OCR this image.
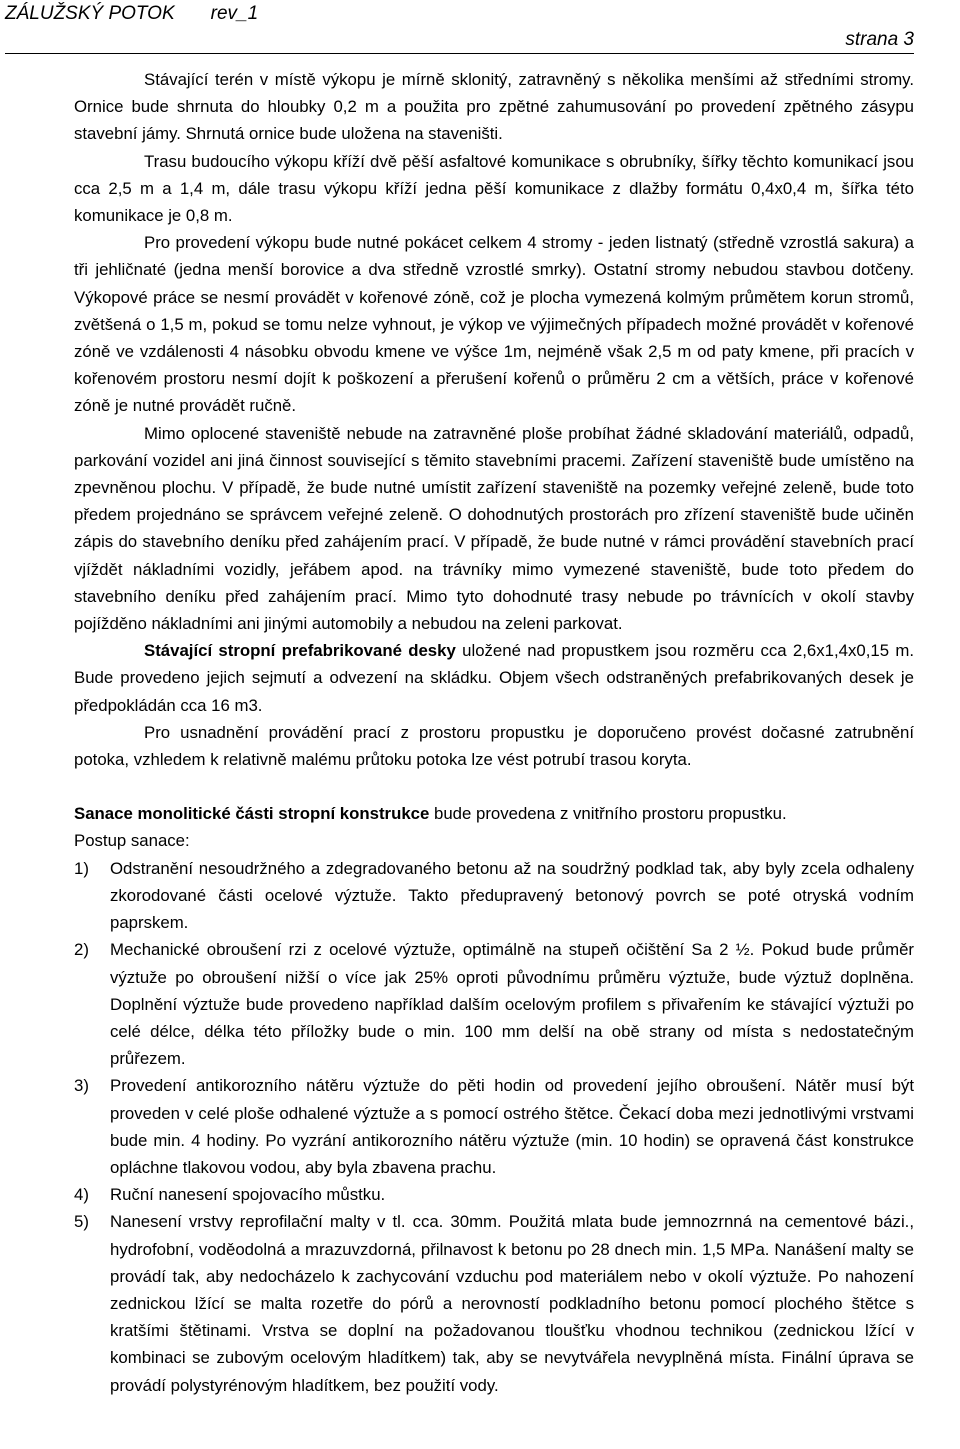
ZÁLUŽSKÝ POTOK rev_1
strana 3

Stávající terén v místě výkopu je mírně sklonitý, zatravněný s několika menšími až středními stromy. Ornice bude shrnuta do hloubky 0,2 m a použita pro zpětné zahumusování po provedení zpětného zásypu stavební jámy. Shrnutá ornice bude uložena na staveništi.

Trasu budoucího výkopu kříží dvě pěší asfaltové komunikace s obrubníky, šířky těchto komunikací jsou cca 2,5 m a 1,4 m, dále trasu výkopu kříží jedna pěší komunikace z dlažby formátu 0,4x0,4 m, šířka této komunikace je 0,8 m.

Pro provedení výkopu bude nutné pokácet celkem 4 stromy - jeden listnatý (středně vzrostlá sakura) a tři jehličnaté (jedna menší borovice a dva středně vzrostlé smrky). Ostatní stromy nebudou stavbou dotčeny. Výkopové práce se nesmí provádět v kořenové zóně, což je plocha vymezená kolmým průmětem korun stromů, zvětšená o 1,5 m, pokud se tomu nelze vyhnout, je výkop ve výjimečných případech možné provádět v kořenové zóně ve vzdálenosti 4 násobku obvodu kmene ve výšce 1m, nejméně však 2,5 m od paty kmene, při pracích v kořenovém prostoru nesmí dojít k poškození a přerušení kořenů o průměru 2 cm a větších, práce v kořenové zóně je nutné provádět ručně.

Mimo oplocené staveniště nebude na zatravněné ploše probíhat žádné skladování materiálů, odpadů, parkování vozidel ani jiná činnost související s těmito stavebními pracemi. Zařízení staveniště bude umístěno na zpevněnou plochu. V případě, že bude nutné umístit zařízení staveniště na pozemky veřejné zeleně, bude toto předem projednáno se správcem veřejné zeleně. O dohodnutých prostorách pro zřízení staveniště bude učiněn zápis do stavebního deníku před zahájením prací. V případě, že bude nutné v rámci provádění stavebních prací vjíždět nákladními vozidly, jeřábem apod. na trávníky mimo vymezené staveniště, bude toto předem do stavebního deníku před zahájením prací. Mimo tyto dohodnuté trasy nebude po trávnících v okolí stavby pojížděno nákladními ani jinými automobily a nebudou na zeleni parkovat.

Stávající stropní prefabrikované desky uložené nad propustkem jsou rozměru cca 2,6x1,4x0,15 m. Bude provedeno jejich sejmutí a odvezení na skládku. Objem všech odstraněných prefabrikovaných desek je předpokládán cca 16 m3.

Pro usnadnění provádění prací z prostoru propustku je doporučeno provést dočasné zatrubnění potoka, vzhledem k relativně malému průtoku potoka lze vést potrubí trasou koryta.

Sanace monolitické části stropní konstrukce bude provedena z vnitřního prostoru propustku.

Postup sanace:

1) Odstranění nesoudržného a zdegradovaného betonu až na soudržný podklad tak, aby byly zcela odhaleny zkorodované části ocelové výztuže. Takto předupravený betonový povrch se poté otryská vodním paprskem.
2) Mechanické obroušení rzi z ocelové výztuže, optimálně na stupeň očištění Sa 2 ½. Pokud bude průměr výztuže po obroušení nižší o více jak 25% oproti původnímu průměru výztuže, bude výztuž doplněna. Doplnění výztuže bude provedeno například dalším ocelovým profilem s přivařením ke stávající výztuži po celé délce, délka této příložky bude o min. 100 mm delší na obě strany od místa s nedostatečným průřezem.
3) Provedení antikorozního nátěru výztuže do pěti hodin od provedení jejího obroušení. Nátěr musí být proveden v celé ploše odhalené výztuže a s pomocí ostrého štětce. Čekací doba mezi jednotlivými vrstvami bude min. 4 hodiny. Po vyzrání antikorozního nátěru výztuže (min. 10 hodin) se opravená část konstrukce opláchne tlakovou vodou, aby byla zbavena prachu.
4) Ruční nanesení spojovacího můstku.
5) Nanesení vrstvy reprofilační malty v tl. cca. 30mm. Použitá mlata bude jemnozrnná na cementové bázi., hydrofobní, voděodolná a mrazuvzdorná, přilnavost k betonu po 28 dnech min. 1,5 MPa. Nanášení malty se provádí tak, aby nedocházelo k zachycování vzduchu pod materiálem nebo v okolí výztuže. Po nahození zednickou lžící se malta rozetře do pórů a nerovností podkladního betonu pomocí plochého štětce s kratšími štětinami. Vrstva se doplní na požadovanou tloušťku vhodnou technikou (zednickou lžící v kombinaci se zubovým ocelovým hladítkem) tak, aby se nevytvářela nevyplněná místa. Finální úprava se provádí polystyrénovým hladítkem, bez použití vody.
